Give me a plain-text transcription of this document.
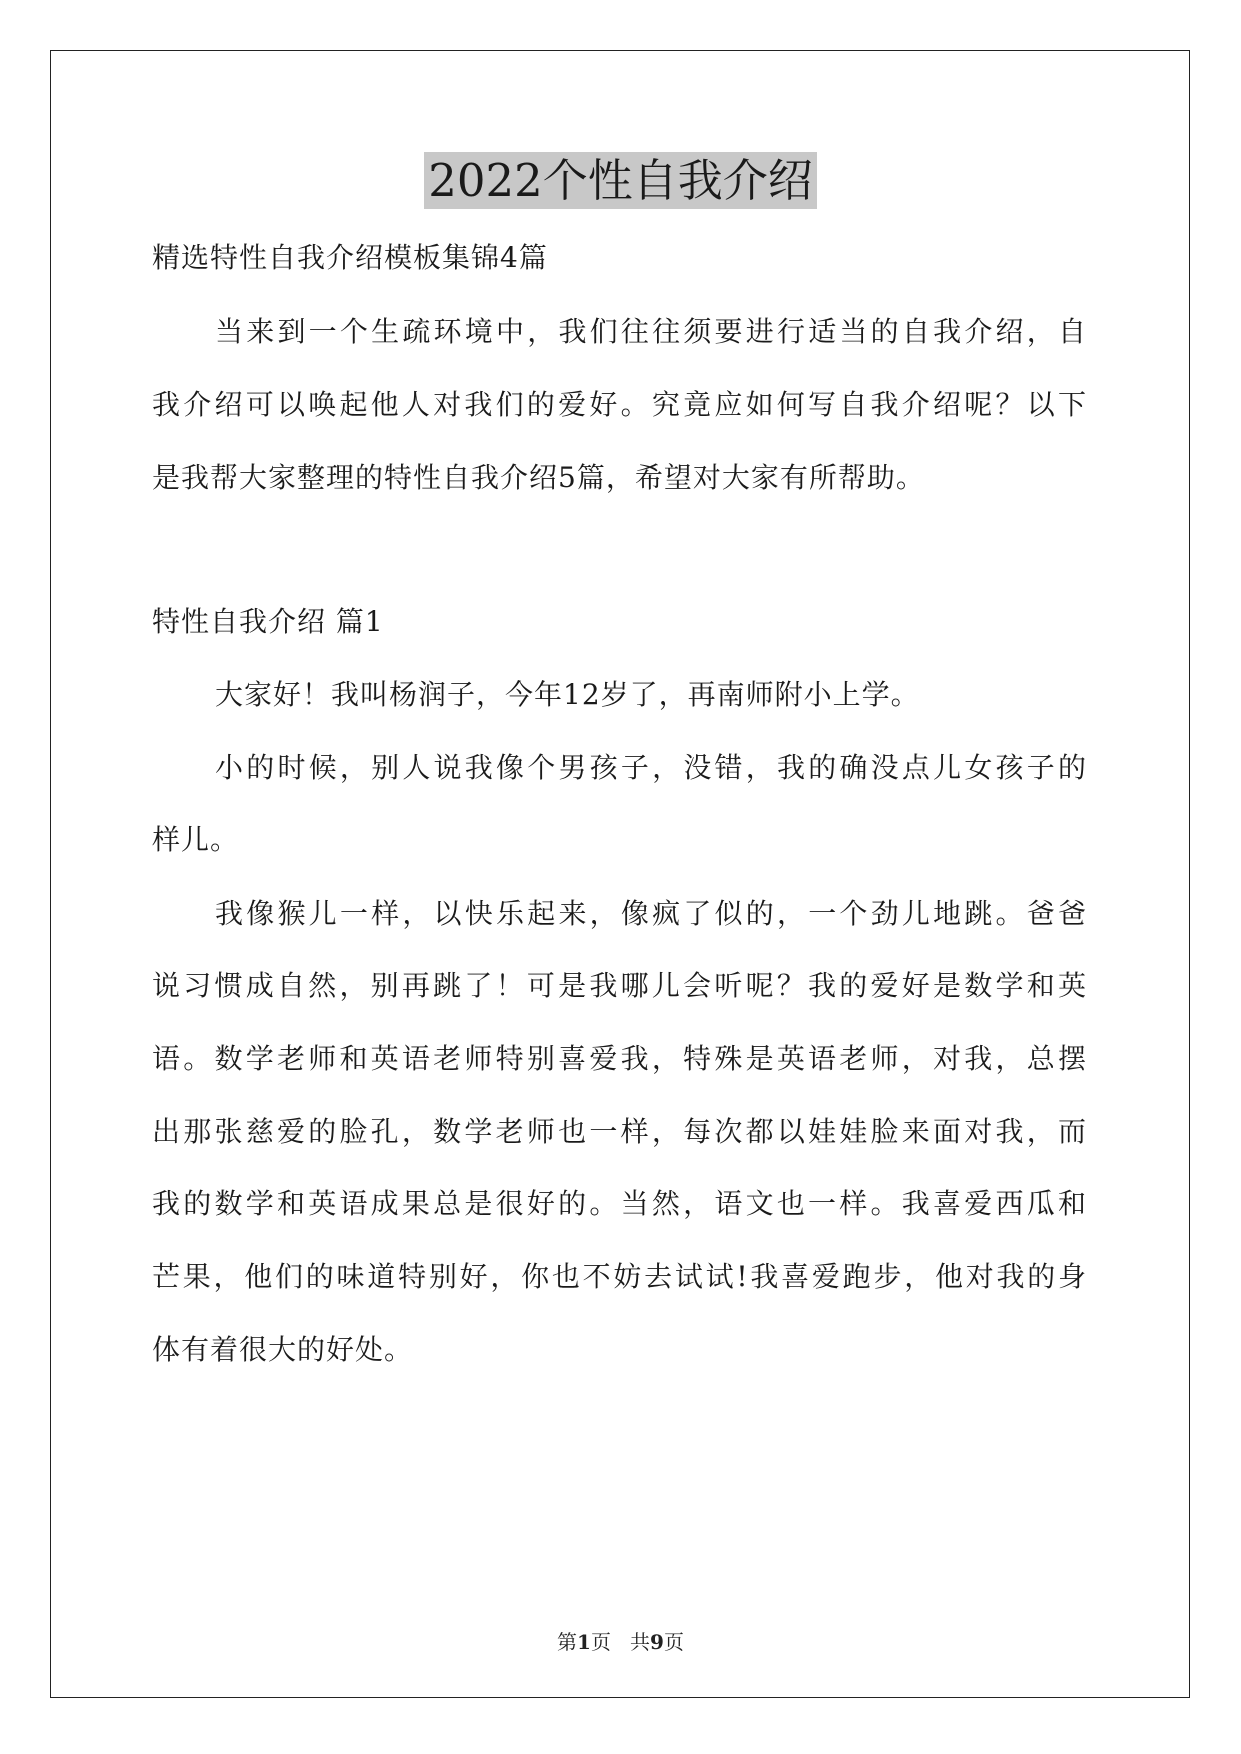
2022个性自我介绍
精选特性自我介绍模板集锦4篇
当来到一个生疏环境中，我们往往须要进行适当的自我介绍，自
我介绍可以唤起他人对我们的爱好。究竟应如何写自我介绍呢？以下
是我帮大家整理的特性自我介绍5篇，希望对大家有所帮助。
特性自我介绍 篇1
大家好！我叫杨润子，今年12岁了，再南师附小上学。
小的时候，别人说我像个男孩子，没错，我的确没点儿女孩子的
样儿。
我像猴儿一样，以快乐起来，像疯了似的，一个劲儿地跳。爸爸
说习惯成自然，别再跳了！可是我哪儿会听呢？我的爱好是数学和英
语。数学老师和英语老师特别喜爱我，特殊是英语老师，对我，总摆
出那张慈爱的脸孔，数学老师也一样，每次都以娃娃脸来面对我，而
我的数学和英语成果总是很好的。当然，语文也一样。我喜爱西瓜和
芒果，他们的味道特别好，你也不妨去试试!我喜爱跑步，他对我的身
体有着很大的好处。
第1页   共9页
